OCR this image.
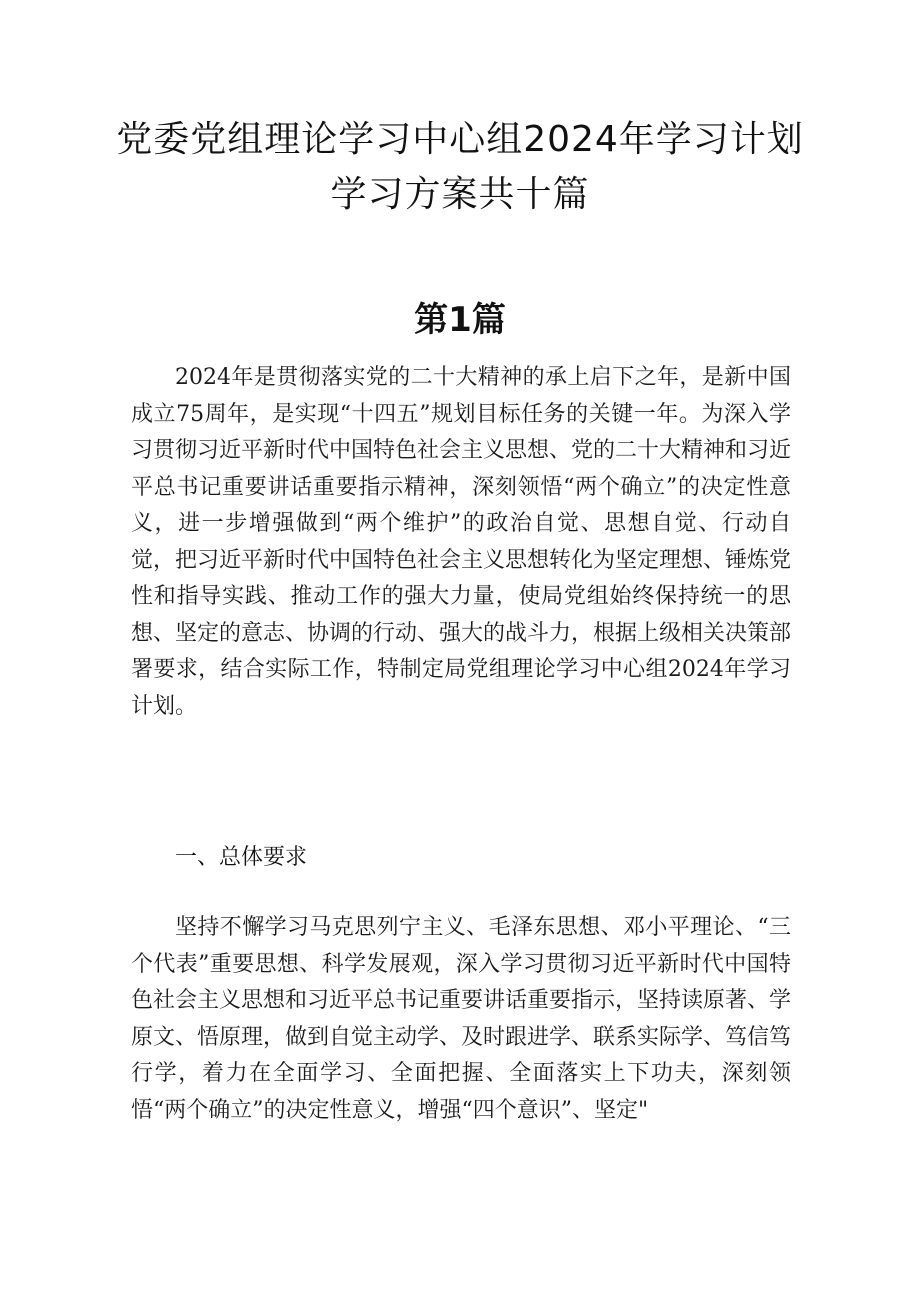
党委党组理论学习中心组2024年学习计划
学习方案共十篇
第1篇

2024年是贯彻落实党的二十大精神的承上启下之年，是新中国成立75周年，是实现“十四五”规划目标任务的关键一年。为深入学习贯彻习近平新时代中国特色社会主义思想、党的二十大精神和习近平总书记重要讲话重要指示精神，深刻领悟“两个确立”的决定性意义，进一步增强做到“两个维护”的政治自觉、思想自觉、行动自觉，把习近平新时代中国特色社会主义思想转化为坚定理想、锤炼党性和指导实践、推动工作的强大力量，使局党组始终保持统一的思想、坚定的意志、协调的行动、强大的战斗力，根据上级相关决策部署要求，结合实际工作，特制定局党组理论学习中心组2024年学习计划。

一、总体要求

坚持不懈学习马克思列宁主义、毛泽东思想、邓小平理论、“三个代表”重要思想、科学发展观，深入学习贯彻习近平新时代中国特色社会主义思想和习近平总书记重要讲话重要指示，坚持读原著、学原文、悟原理，做到自觉主动学、及时跟进学、联系实际学、笃信笃行学，着力在全面学习、全面把握、全面落实上下功夫，深刻领悟“两个确立”的决定性意义，增强“四个意识”、坚定"
